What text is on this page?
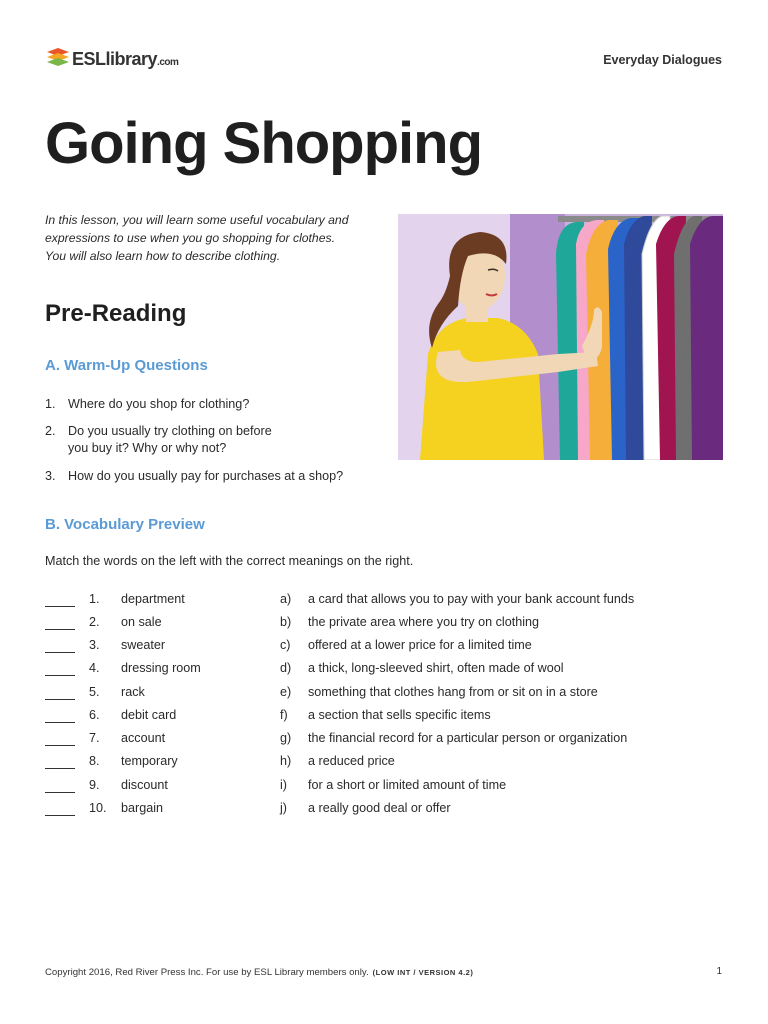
ESLlibrary.com	Everyday Dialogues
Going Shopping
In this lesson, you will learn some useful vocabulary and expressions to use when you go shopping for clothes. You will also learn how to describe clothing.
Pre-Reading
A. Warm-Up Questions
1. Where do you shop for clothing?
2. Do you usually try clothing on before you buy it? Why or why not?
3. How do you usually pay for purchases at a shop?
B. Vocabulary Preview
Match the words on the left with the correct meanings on the right.
1. department	a) a card that allows you to pay with your bank account funds
2. on sale	b) the private area where you try on clothing
3. sweater	c) offered at a lower price for a limited time
4. dressing room	d) a thick, long-sleeved shirt, often made of wool
5. rack	e) something that clothes hang from or sit on in a store
6. debit card	f) a section that sells specific items
7. account	g) the financial record for a particular person or organization
8. temporary	h) a reduced price
9. discount	i) for a short or limited amount of time
10. bargain	j) a really good deal or offer
Copyright 2016, Red River Press Inc. For use by ESL Library members only. (LOW INT / VERSION 4.2)	1
